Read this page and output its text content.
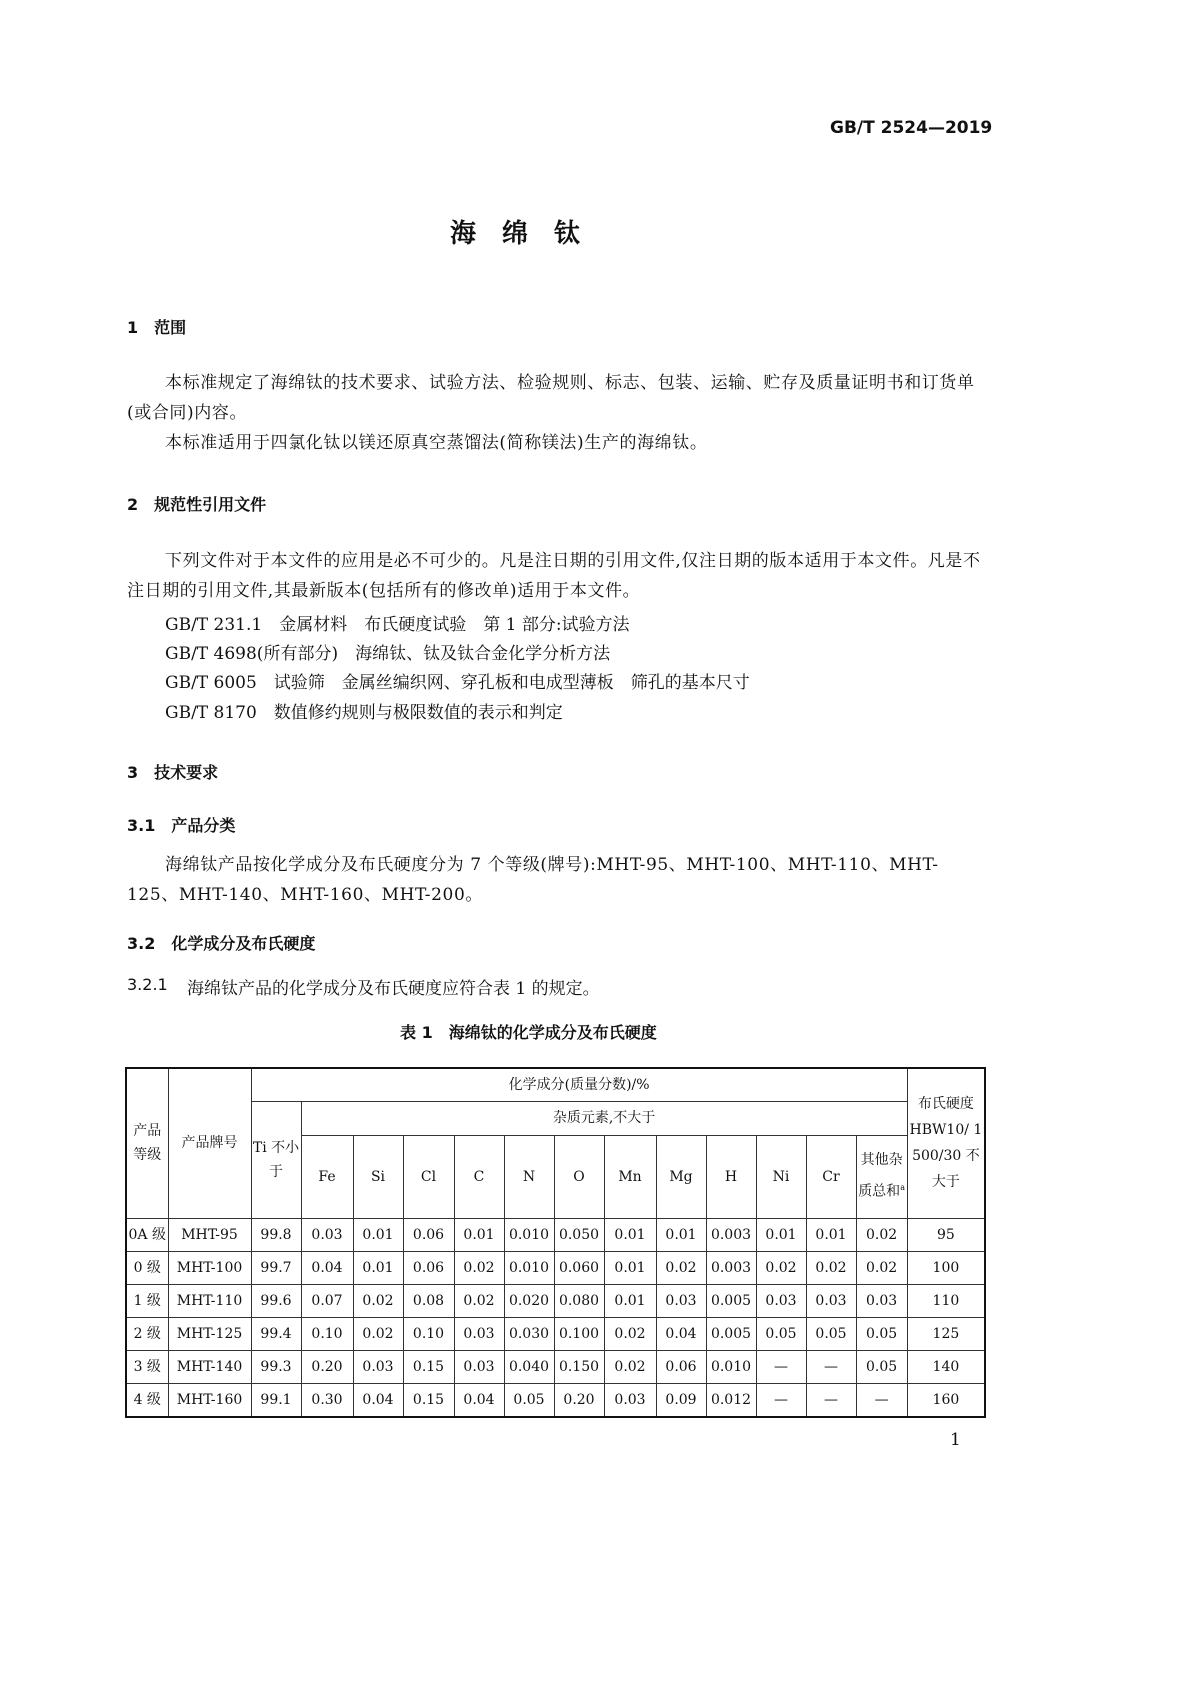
GB/T 2524—2019
海　绵　钛
1　范围
本标准规定了海绵钛的技术要求、试验方法、检验规则、标志、包装、运输、贮存及质量证明书和订货单(或合同)内容。
本标准适用于四氯化钛以镁还原真空蒸馏法(简称镁法)生产的海绵钛。
2　规范性引用文件
下列文件对于本文件的应用是必不可少的。凡是注日期的引用文件,仅注日期的版本适用于本文件。凡是不注日期的引用文件,其最新版本(包括所有的修改单)适用于本文件。
GB/T 231.1　金属材料　布氏硬度试验　第 1 部分:试验方法
GB/T 4698(所有部分)　海绵钛、钛及钛合金化学分析方法
GB/T 6005　试验筛　金属丝编织网、穿孔板和电成型薄板　筛孔的基本尺寸
GB/T 8170　数值修约规则与极限数值的表示和判定
3　技术要求
3.1　产品分类
海绵钛产品按化学成分及布氏硬度分为 7 个等级(牌号):MHT-95、MHT-100、MHT-110、MHT-125、MHT-140、MHT-160、MHT-200。
3.2　化学成分及布氏硬度
3.2.1 海绵钛产品的化学成分及布氏硬度应符合表 1 的规定。
表 1　海绵钛的化学成分及布氏硬度
产品等级	产品牌号	化学成分(质量分数)/%													布氏硬度 HBW10/ 1 500/30 不大于
		Ti 不小于	杂质元素,不大于												
			Fe	Si	Cl	C	N	O	Mn	Mg	H	Ni	Cr	其他杂质总和$^a$
0A 级	MHT-95	99.8	0.03	0.01	0.06	0.01	0.010	0.050	0.01	0.01	0.003	0.01	0.01	0.02	95
0 级	MHT-100	99.7	0.04	0.01	0.06	0.02	0.010	0.060	0.01	0.02	0.003	0.02	0.02	0.02	100
1 级	MHT-110	99.6	0.07	0.02	0.08	0.02	0.020	0.080	0.01	0.03	0.005	0.03	0.03	0.03	110
2 级	MHT-125	99.4	0.10	0.02	0.10	0.03	0.030	0.100	0.02	0.04	0.005	0.05	0.05	0.05	125
3 级	MHT-140	99.3	0.20	0.03	0.15	0.03	0.040	0.150	0.02	0.06	0.010	—	—	0.05	140
4 级	MHT-160	99.1	0.30	0.04	0.15	0.04	0.05	0.20	0.03	0.09	0.012	—	—	—	160
1
